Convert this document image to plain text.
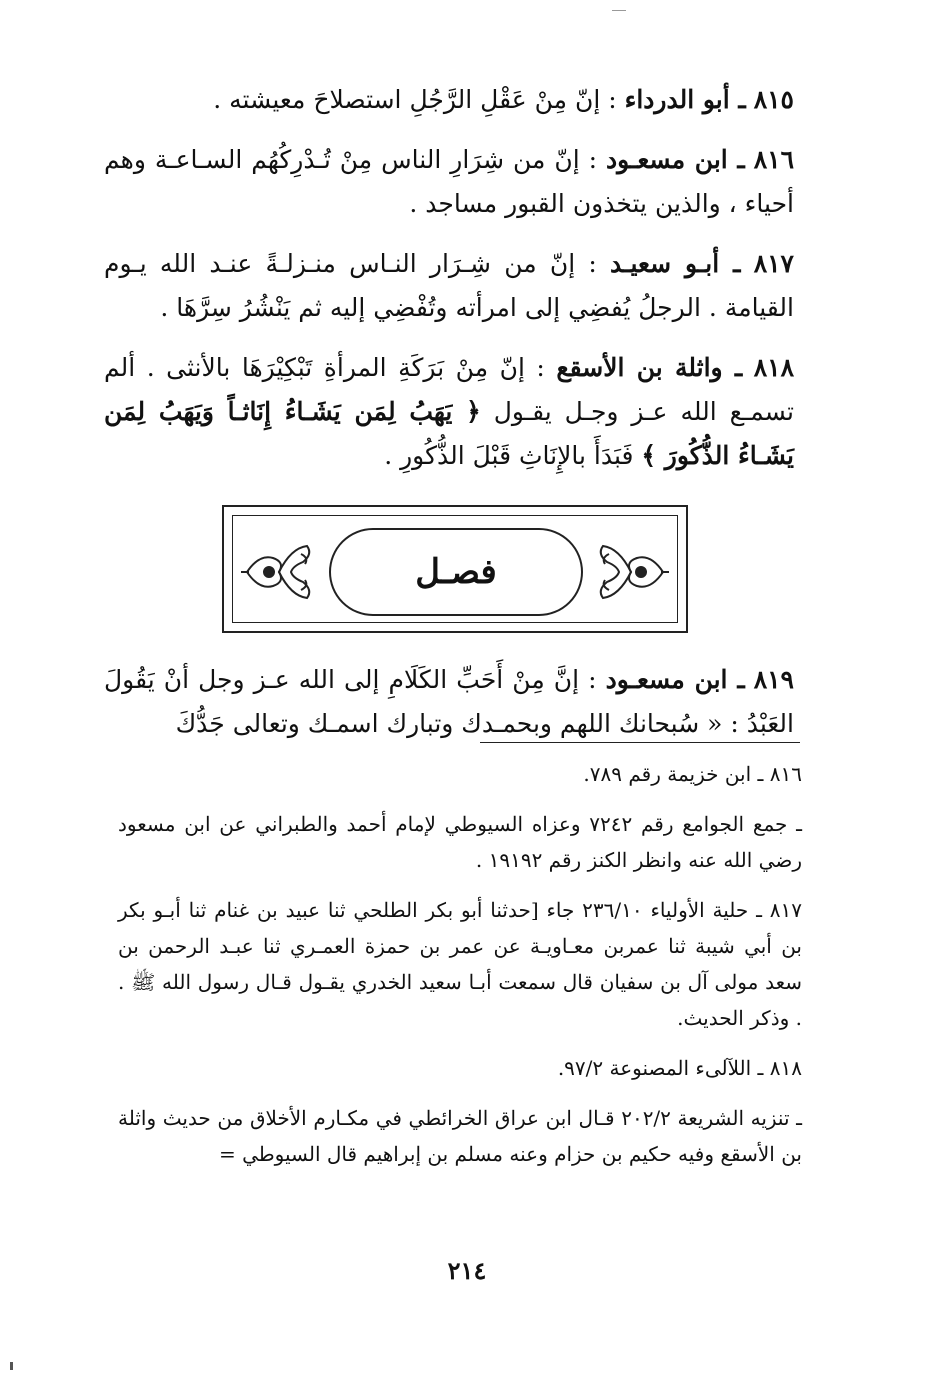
٨١٥ ـ أبو الدرداء : إنّ مِنْ عَقْلِ الرَّجُلِ استصلاحَ معيشته .

٨١٦ ـ ابن مسعـود : إنّ من شِرَارِ الناس مِنْ تُـدْرِكُهُم السـاعـة وهم أحياء ، والذين يتخذون القبور مساجد .

٨١٧ ـ أبـو سعيـد : إنّ من شِـرَار النـاس منـزلـةً عنـد الله يـوم القيامة . الرجلُ يُفضِي إلى امرأته وتُفْضِي إليه ثم يَنْشُرُ سِرَّهَا .

٨١٨ ـ واثلة بن الأسقع : إنّ مِنْ بَرَكَةِ المرأةِ تَبْكِيْرَهَا بالأنثى . ألم تسمـع الله عـز وجـل يقـول ﴿ يَهَبُ لِمَن يَشَـاءُ إِنَاثـاً وَيَهَبُ لِمَن يَشَـاءُ الذُّكُورَ ﴾ فَبَدَأَ بالإِنَاثِ قَبْلَ الذُّكُورِ .

فصـل

٨١٩ ـ ابن مسعـود : إنَّ مِنْ أَحَبِّ الكَلَامِ إلى الله عـز وجل أنْ يَقُولَ العَبْدُ : « سُبحانك اللهم وبحمـدك وتبارك اسمـك وتعالى جَدُّكَ

٨١٦ ـ ابن خزيمة رقم ٧٨٩.

ـ جمع الجوامع رقم ٧٢٤٢ وعزاه السيوطي لإمام أحمد والطبراني عن ابن مسعود رضي الله عنه وانظر الكنز رقم ١٩١٩٢ .

٨١٧ ـ حلية الأولياء ٢٣٦/١٠ جاء [حدثنا أبو بكر الطلحي ثنا عبيد بن غنام ثنا أبـو بكر بن أبي شيبة ثنا عمربن معـاويـة عن عمر بن حمزة العمـري ثنا عبـد الرحمن بن سعد مولى آل بن سفيان قال سمعت أبـا سعيد الخدري يقـول قـال رسول الله ﷺ . . وذكر الحديث.

٨١٨ ـ اللآلىء المصنوعة ٩٧/٢.

ـ تنزيه الشريعة ٢٠٢/٢ قـال ابن عراق الخرائطي في مكـارم الأخلاق من حديث واثلة بن الأسقع وفيه حكيم بن حزام وعنه مسلم بن إبراهيم قال السيوطي =

٢١٤
